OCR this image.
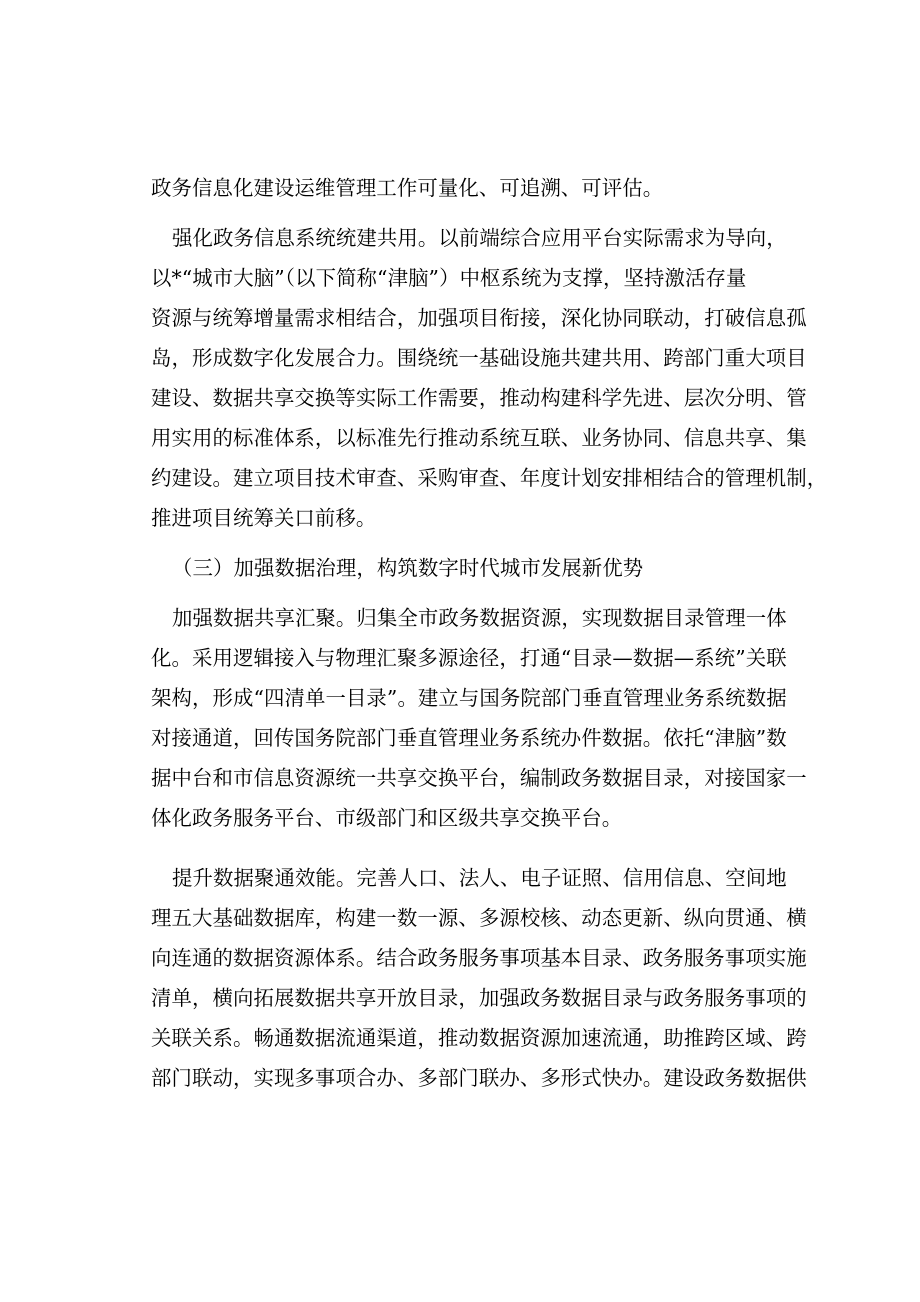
政务信息化建设运维管理工作可量化、可追溯、可评估。
强化政务信息系统统建共用。以前端综合应用平台实际需求为导向，
以*“城市大脑”（以下简称“津脑”）中枢系统为支撑，坚持激活存量
资源与统筹增量需求相结合，加强项目衔接，深化协同联动，打破信息孤
岛，形成数字化发展合力。围绕统一基础设施共建共用、跨部门重大项目
建设、数据共享交换等实际工作需要，推动构建科学先进、层次分明、管
用实用的标准体系，以标准先行推动系统互联、业务协同、信息共享、集
约建设。建立项目技术审查、采购审查、年度计划安排相结合的管理机制，
推进项目统筹关口前移。
（三）加强数据治理，构筑数字时代城市发展新优势
加强数据共享汇聚。归集全市政务数据资源，实现数据目录管理一体
化。采用逻辑接入与物理汇聚多源途径，打通“目录—数据—系统”关联
架构，形成“四清单一目录”。建立与国务院部门垂直管理业务系统数据
对接通道，回传国务院部门垂直管理业务系统办件数据。依托“津脑”数
据中台和市信息资源统一共享交换平台，编制政务数据目录，对接国家一
体化政务服务平台、市级部门和区级共享交换平台。
提升数据聚通效能。完善人口、法人、电子证照、信用信息、空间地
理五大基础数据库，构建一数一源、多源校核、动态更新、纵向贯通、横
向连通的数据资源体系。结合政务服务事项基本目录、政务服务事项实施
清单，横向拓展数据共享开放目录，加强政务数据目录与政务服务事项的
关联关系。畅通数据流通渠道，推动数据资源加速流通，助推跨区域、跨
部门联动，实现多事项合办、多部门联办、多形式快办。建设政务数据供
